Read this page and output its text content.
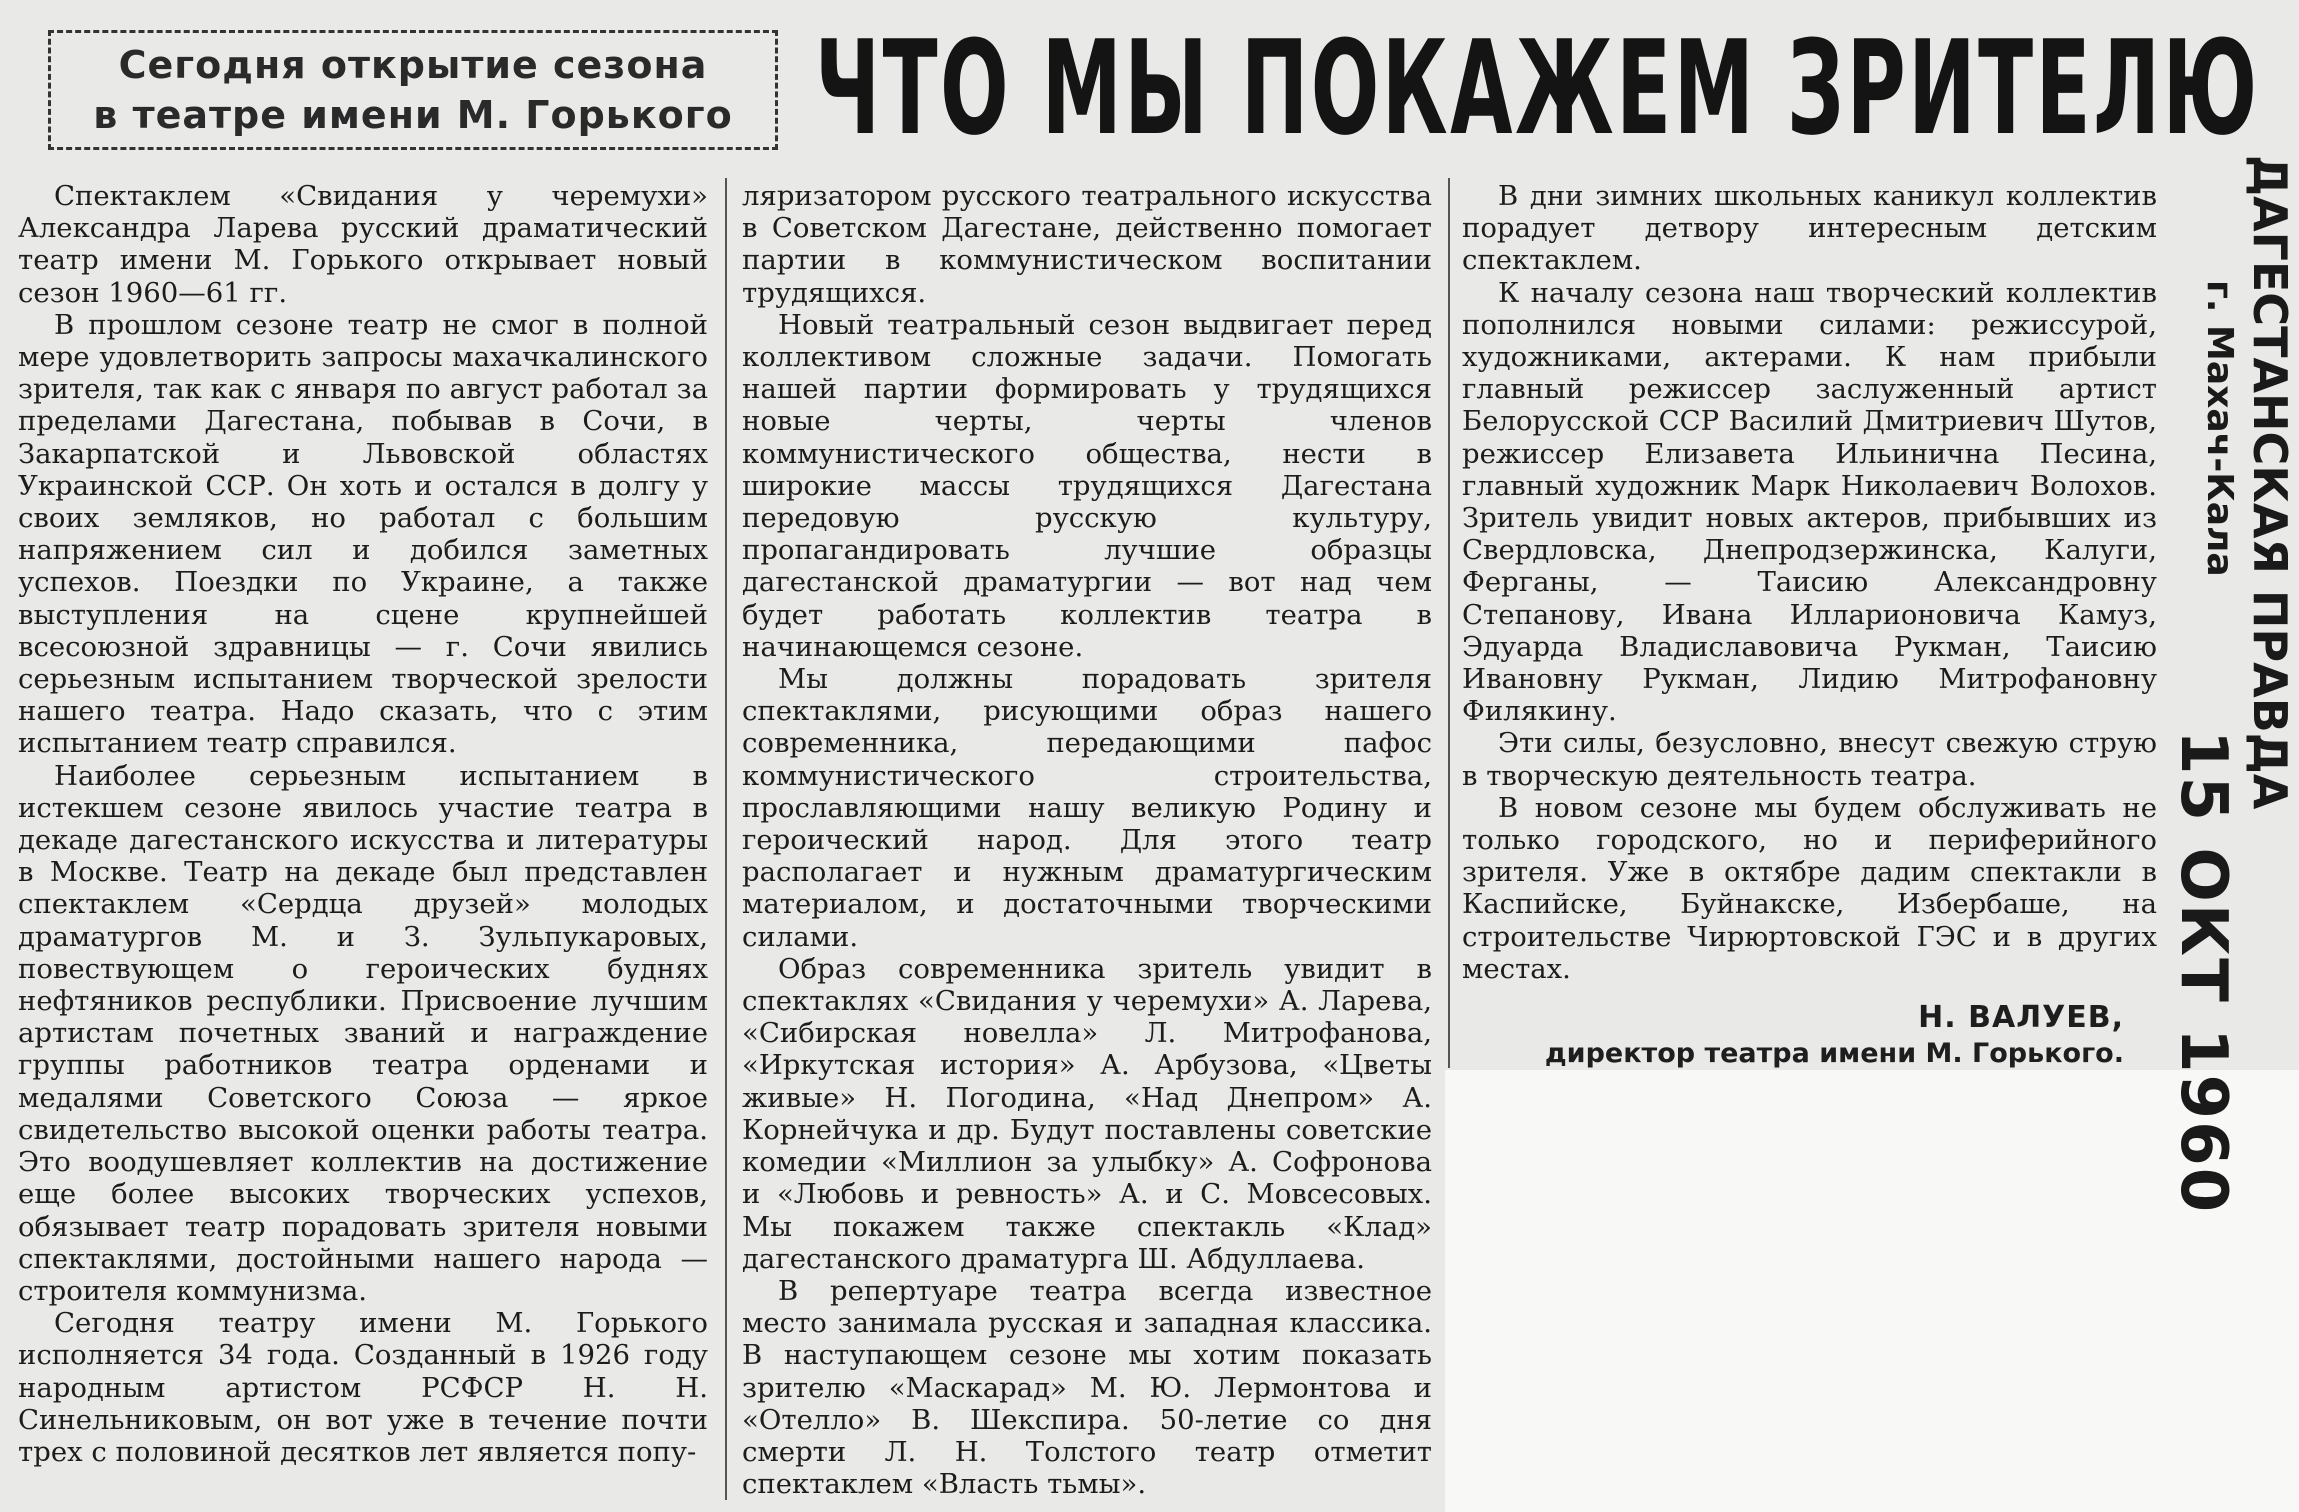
Сегодня открытие сезона
в театре имени М. Горького ЧТО МЫ ПОКАЖЕМ ЗРИТЕЛЮ

Спектаклем «Свидания у черемухи» Александра Ларева русский драматический театр имени М. Горького открывает новый сезон 1960—61 гг.

В прошлом сезоне театр не смог в полной мере удовлетворить запросы махачкалинского зрителя, так как с января по август работал за пределами Дагестана, побывав в Сочи, в Закарпатской и Львовской областях Украинской ССР. Он хоть и остался в долгу у своих земляков, но работал с большим напряжением сил и добился заметных успехов. Поездки по Украине, а также выступления на сцене крупнейшей всесоюзной здравницы — г. Сочи явились серьезным испытанием творческой зрелости нашего театра. Надо сказать, что с этим испытанием театр справился.

Наиболее серьезным испытанием в истекшем сезоне явилось участие театра в декаде дагестанского искусства и литературы в Москве. Театр на декаде был представлен спектаклем «Сердца друзей» молодых драматургов М. и З. Зульпукаровых, повествующем о героических буднях нефтяников республики. Присвоение лучшим артистам почетных званий и награждение группы работников театра орденами и медалями Советского Союза — яркое свидетельство высокой оценки работы театра. Это воодушевляет коллектив на достижение еще более высоких творческих успехов, обязывает театр порадовать зрителя новыми спектаклями, достойными нашего народа — строителя коммунизма.

Сегодня театру имени М. Горького исполняется 34 года. Созданный в 1926 году народным артистом РСФСР Н. Н. Синельниковым, он вот уже в течение почти трех с половиной десятков лет является попу-

ляризатором русского театрального искусства в Советском Дагестане, действенно помогает партии в коммунистическом воспитании трудящихся.

Новый театральный сезон выдвигает перед коллективом сложные задачи. Помогать нашей партии формировать у трудящихся новые черты, черты членов коммунистического общества, нести в широкие массы трудящихся Дагестана передовую русскую культуру, пропагандировать лучшие образцы дагестанской драматургии — вот над чем будет работать коллектив театра в начинающемся сезоне.

Мы должны порадовать зрителя спектаклями, рисующими образ нашего современника, передающими пафос коммунистического строительства, прославляющими нашу великую Родину и героический народ. Для этого театр располагает и нужным драматургическим материалом, и достаточными творческими силами.

Образ современника зритель увидит в спектаклях «Свидания у черемухи» А. Ларева, «Сибирская новелла» Л. Митрофанова, «Иркутская история» А. Арбузова, «Цветы живые» Н. Погодина, «Над Днепром» А. Корнейчука и др. Будут поставлены советские комедии «Миллион за улыбку» А. Софронова и «Любовь и ревность» А. и С. Мовсесовых. Мы покажем также спектакль «Клад» дагестанского драматурга Ш. Абдуллаева.

В репертуаре театра всегда известное место занимала русская и западная классика. В наступающем сезоне мы хотим показать зрителю «Маскарад» М. Ю. Лермонтова и «Отелло» В. Шекспира. 50-летие со дня смерти Л. Н. Толстого театр отметит спектаклем «Власть тьмы».

В дни зимних школьных каникул коллектив порадует детвору интересным детским спектаклем.

К началу сезона наш творческий коллектив пополнился новыми силами: режиссурой, художниками, актерами. К нам прибыли главный режиссер заслуженный артист Белорусской ССР Василий Дмитриевич Шутов, режиссер Елизавета Ильинична Песина, главный художник Марк Николаевич Волохов. Зритель увидит новых актеров, прибывших из Свердловска, Днепродзержинска, Калуги, Ферганы, — Таисию Александровну Степанову, Ивана Илларионовича Камуз, Эдуарда Владиславовича Рукман, Таисию Ивановну Рукман, Лидию Митрофановну Филякину.

Эти силы, безусловно, внесут свежую струю в творческую деятельность театра.

В новом сезоне мы будем обслуживать не только городского, но и периферийного зрителя. Уже в октябре дадим спектакли в Каспийске, Буйнакске, Избербаше, на строительстве Чирюртовской ГЭС и в других местах.

Н. ВАЛУЕВ,
директор театра имени М. Горького.
ДАГЕСТАНСКАЯ ПРАВДА
г. Махач-Кала
15 ОКТ 1960
